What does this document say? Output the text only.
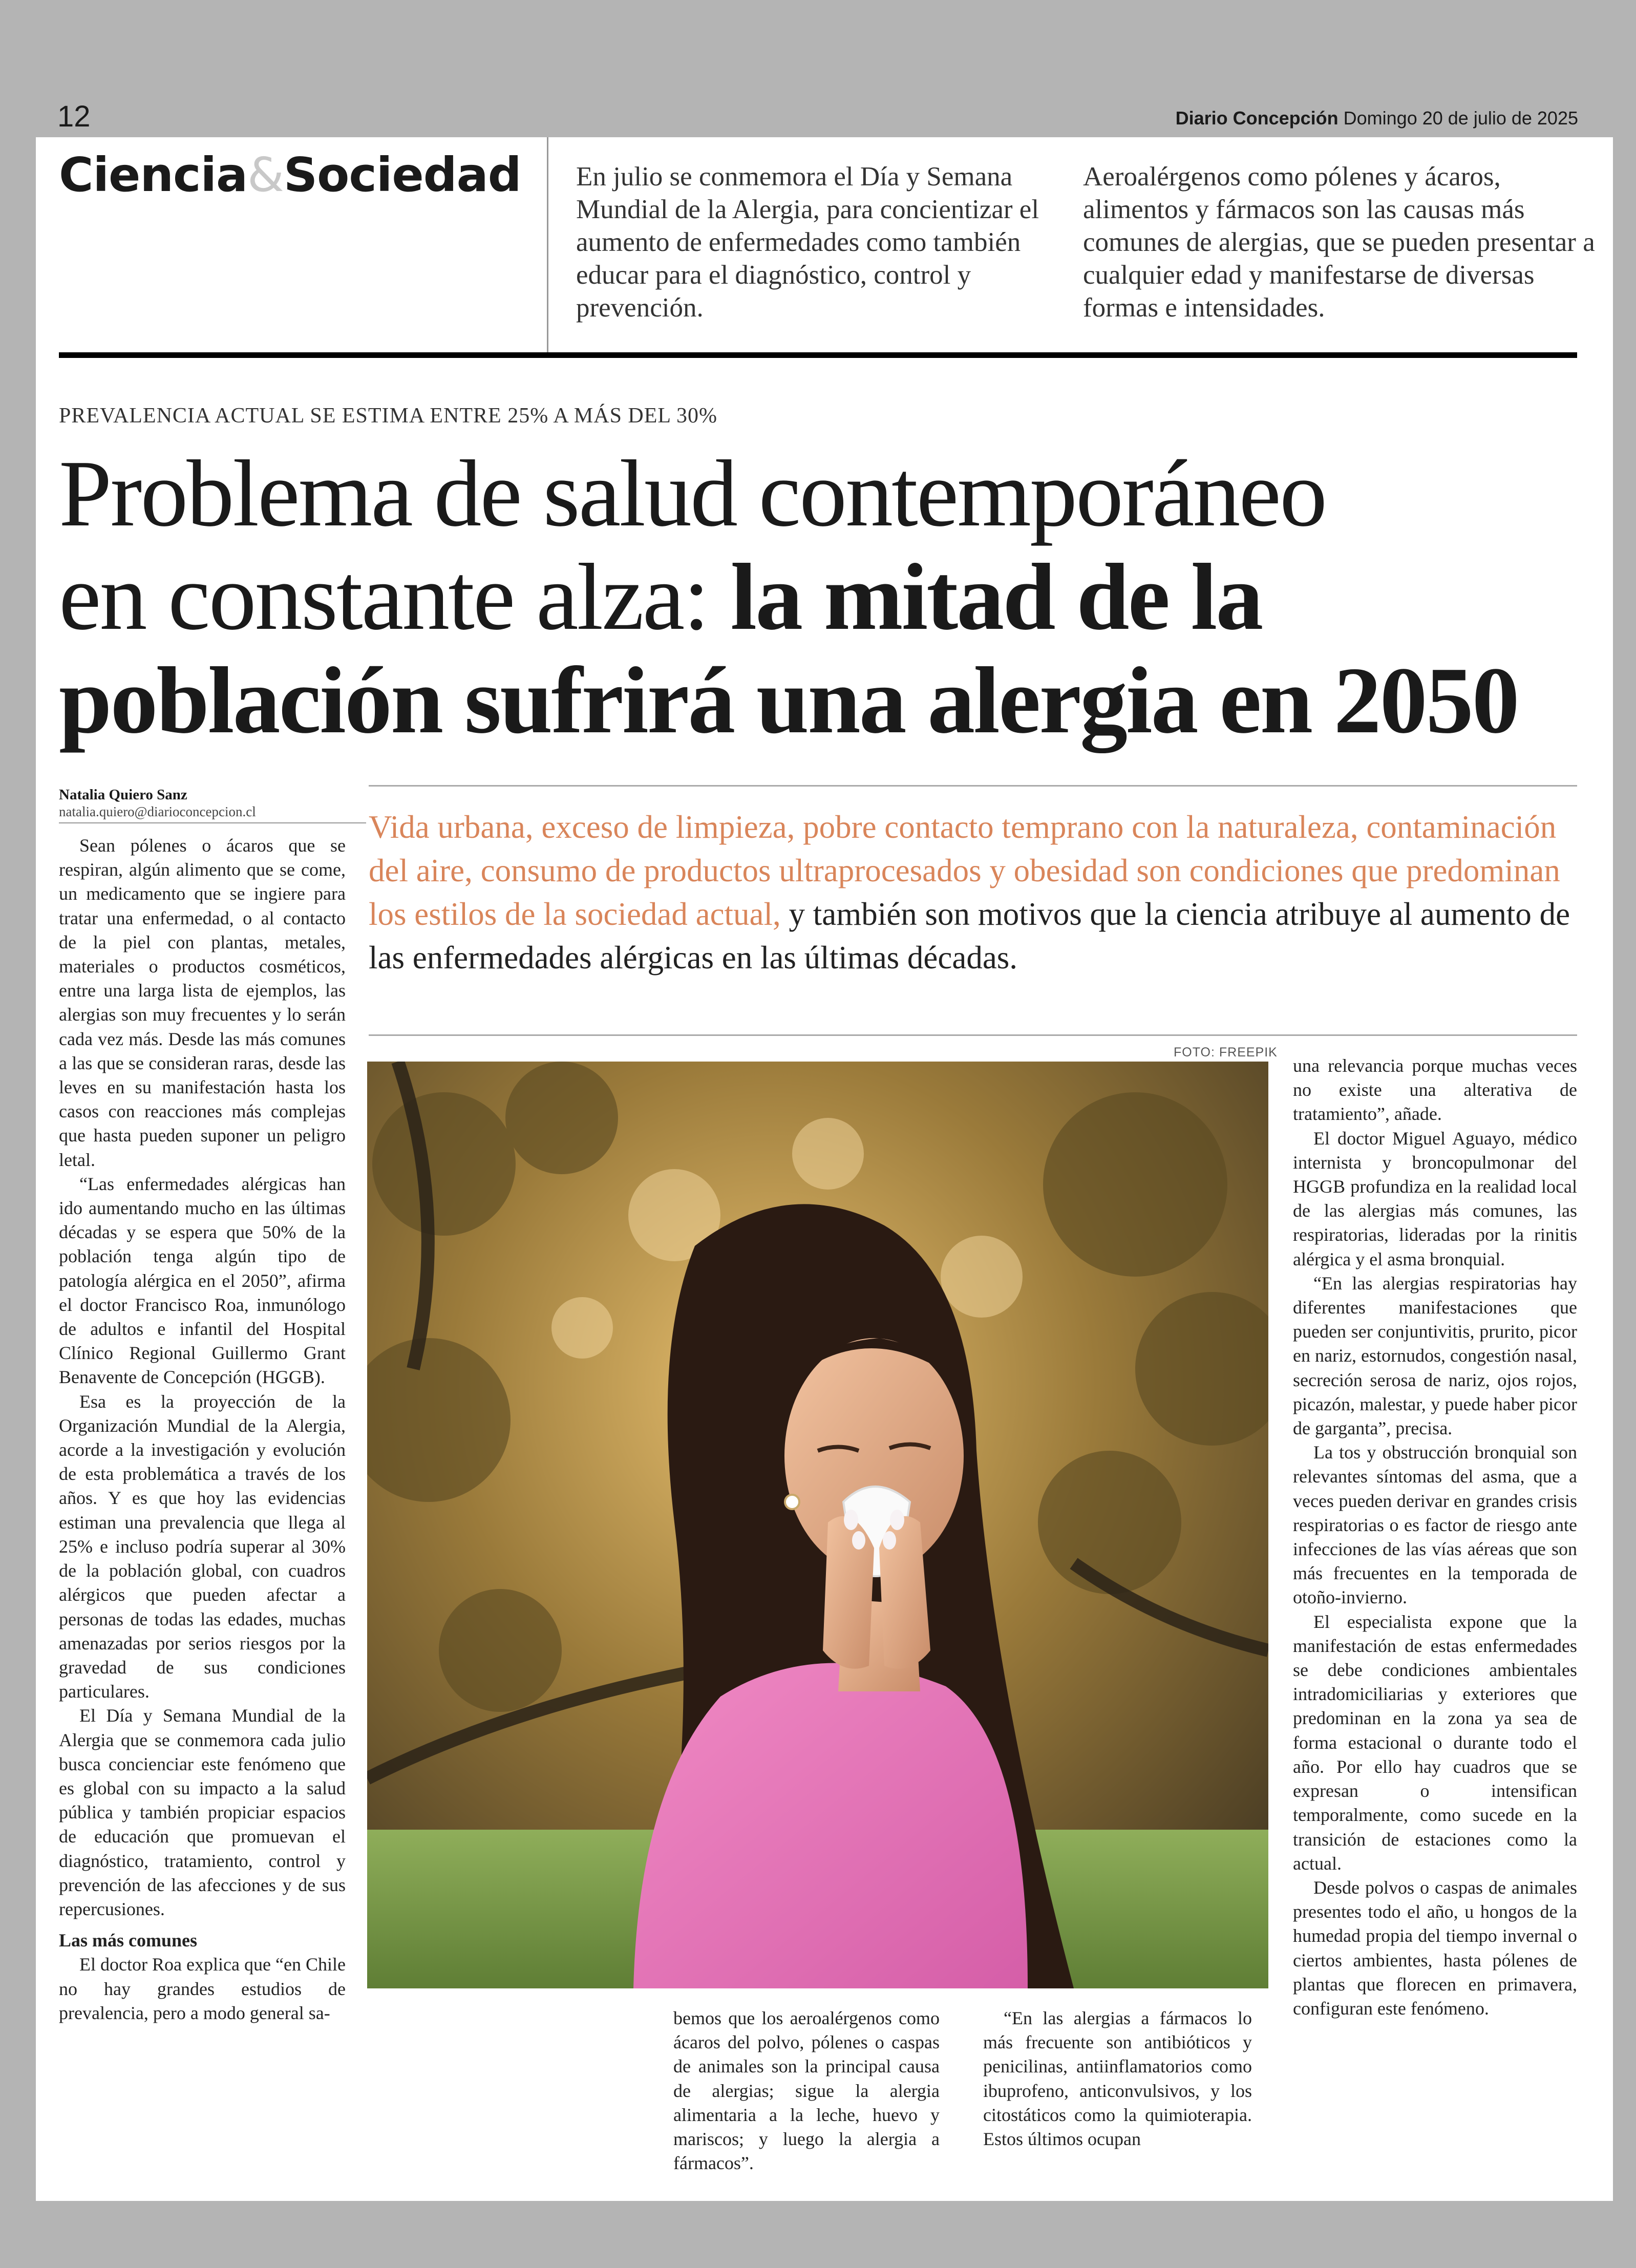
12	Diario Concepción Domingo 20 de julio de 2025
Ciencia&Sociedad En julio se conmemora el Día y Semana Mundial de la Alergia, para concientizar el aumento de enfermedades como también educar para el diagnóstico, control y prevención.
Aeroalérgenos como pólenes y ácaros, alimentos y fármacos son las causas más comunes de alergias, que se pueden presentar a cualquier edad y manifestarse de diversas formas e intensidades.
PREVALENCIA ACTUAL SE ESTIMA ENTRE 25% A MÁS DEL 30%
Problema de salud contemporáneo
en constante alza: la mitad de la
población sufrirá una alergia en 2050
Natalia Quiero Sanz
natalia.quiero@diarioconcepcion.cl	Vida urbana, exceso de limpieza, pobre contacto temprano con la naturaleza, contaminación del aire, consumo de productos ultraprocesados y obesidad son condiciones que predominan los estilos de la sociedad actual, y también son motivos que la ciencia atribuye al aumento de las enfermedades alérgicas en las últimas décadas.
FOTO: FREEPIK

Sean pólenes o ácaros que se respiran, algún alimento que se come, un medicamento que se ingiere para tratar una enfermedad, o al contacto de la piel con plantas, metales, materiales o productos cosméticos, entre una larga lista de ejemplos, las alergias son muy frecuentes y lo serán cada vez más. Desde las más comunes a las que se consideran raras, desde las leves en su manifestación hasta los casos con reacciones más complejas que hasta pueden suponer un peligro letal.

“Las enfermedades alérgicas han ido aumentando mucho en las últimas décadas y se espera que 50% de la población tenga algún tipo de patología alérgica en el 2050”, afirma el doctor Francisco Roa, inmunólogo de adultos e infantil del Hospital Clínico Regional Guillermo Grant Benavente de Concepción (HGGB).

Esa es la proyección de la Organización Mundial de la Alergia, acorde a la investigación y evolución de esta problemática a través de los años. Y es que hoy las evidencias estiman una prevalencia que llega al 25% e incluso podría superar al 30% de la población global, con cuadros alérgicos que pueden afectar a personas de todas las edades, muchas amenazadas por serios riesgos por la gravedad de sus condiciones particulares.

El Día y Semana Mundial de la Alergia que se conmemora cada julio busca concienciar este fenómeno que es global con su impacto a la salud pública y también propiciar espacios de educación que promuevan el diagnóstico, tratamiento, control y prevención de las afecciones y de sus repercusiones.

Las más comunes

El doctor Roa explica que “en Chile no hay grandes estudios de prevalencia, pero a modo general sa-	bemos que los aeroalérgenos como ácaros del polvo, pólenes o caspas de animales son la principal causa de alergias; sigue la alergia alimentaria a la leche, huevo y mariscos; y luego la alergia a fármacos”.

“En las alergias a fármacos lo más frecuente son antibióticos y penicilinas, antiinflamatorios como ibuprofeno, anticonvulsivos, y los citostáticos como la quimioterapia. Estos últimos ocupan

una relevancia porque muchas veces no existe una alterativa de tratamiento”, añade.

El doctor Miguel Aguayo, médico internista y broncopulmonar del HGGB profundiza en la realidad local de las alergias más comunes, las respiratorias, lideradas por la rinitis alérgica y el asma bronquial.

“En las alergias respiratorias hay diferentes manifestaciones que pueden ser conjuntivitis, prurito, picor en nariz, estornudos, congestión nasal, secreción serosa de nariz, ojos rojos, picazón, malestar, y puede haber picor de garganta”, precisa.

La tos y obstrucción bronquial son relevantes síntomas del asma, que a veces pueden derivar en grandes crisis respiratorias o es factor de riesgo ante infecciones de las vías aéreas que son más frecuentes en la temporada de otoño-invierno.

El especialista expone que la manifestación de estas enfermedades se debe condiciones ambientales intradomiciliarias y exteriores que predominan en la zona ya sea de forma estacional o durante todo el año. Por ello hay cuadros que se expresan o intensifican temporalmente, como sucede en la transición de estaciones como la actual.

Desde polvos o caspas de animales presentes todo el año, u hongos de la humedad propia del tiempo invernal o ciertos ambientes, hasta pólenes de plantas que florecen en primavera, configuran este fenómeno.
